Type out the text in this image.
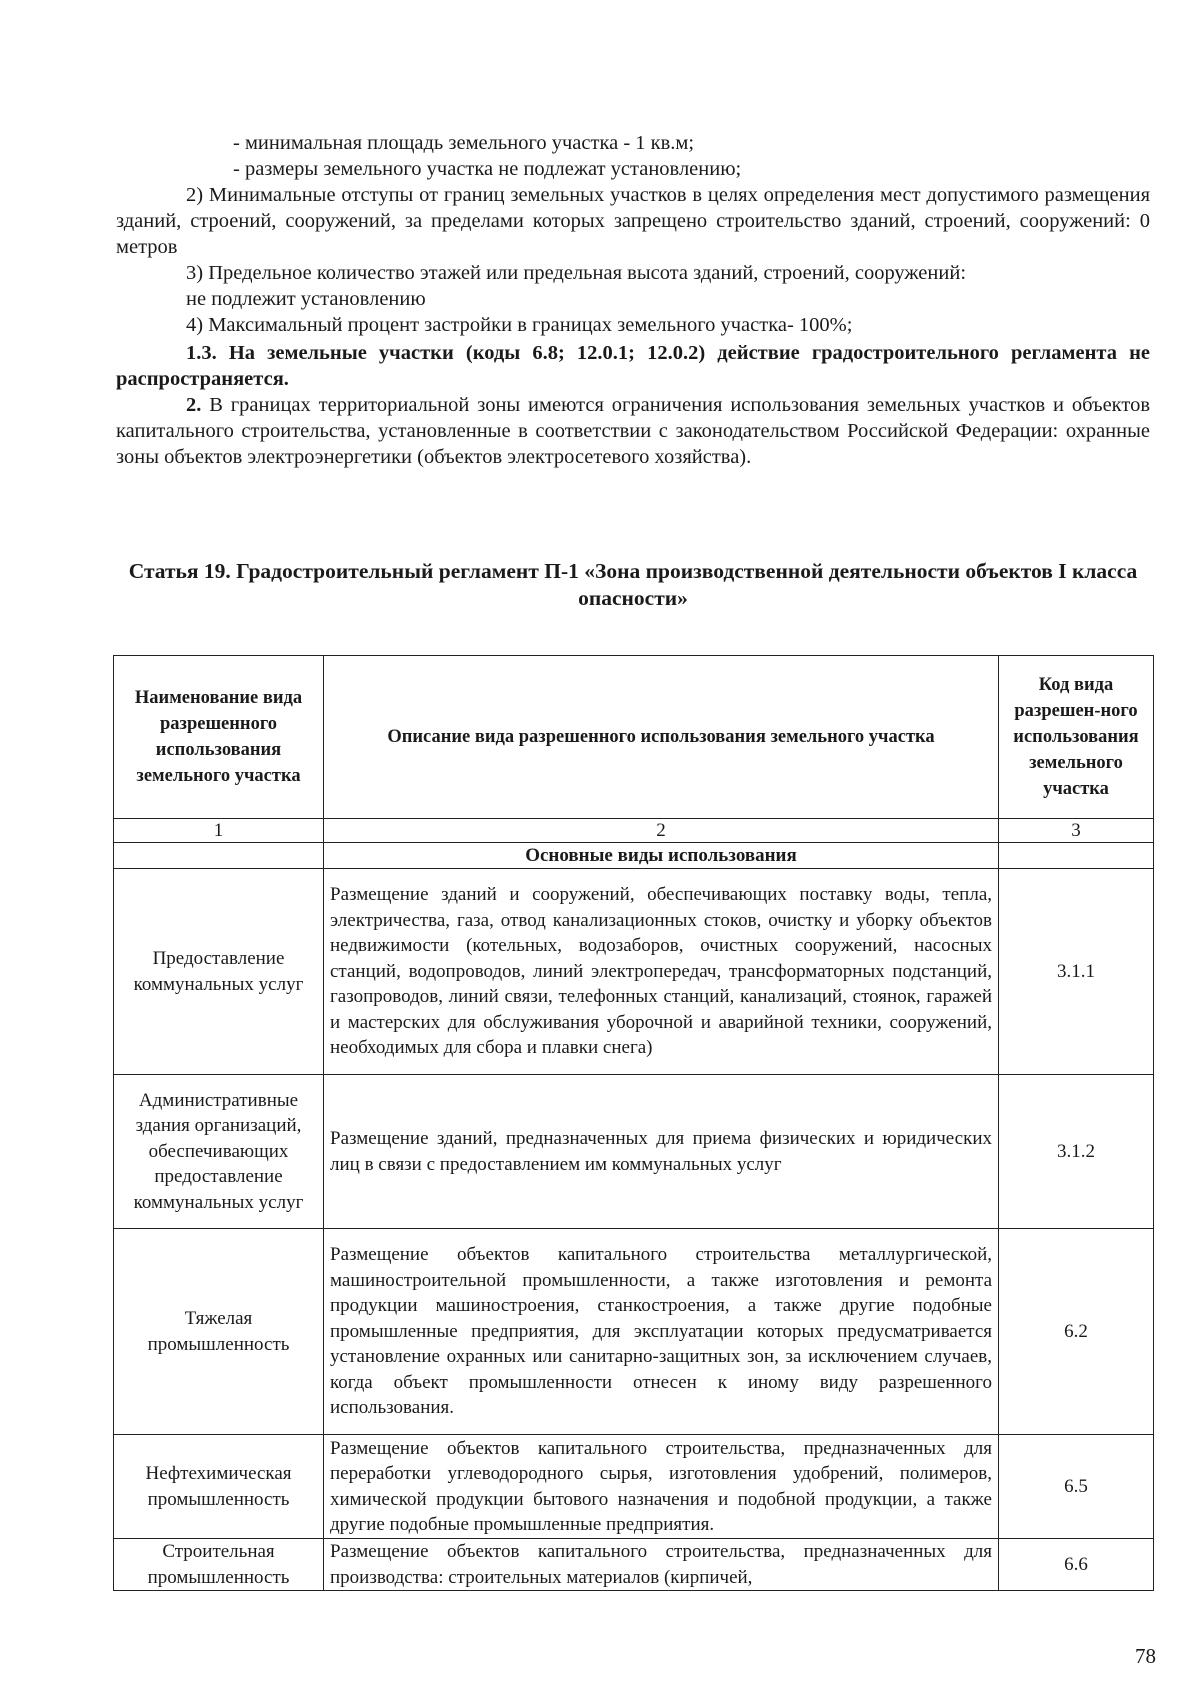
- минимальная площадь земельного участка - 1 кв.м;

- размеры земельного участка не подлежат установлению;

2) Минимальные отступы от границ земельных участков в целях определения мест допустимого размещения зданий, строений, сооружений, за пределами которых запрещено строительство зданий, строений, сооружений: 0 метров

3) Предельное количество этажей или предельная высота зданий, строений, сооружений:

не подлежит установлению

4) Максимальный процент застройки в границах земельного участка- 100%;

1.3. На земельные участки (коды 6.8; 12.0.1; 12.0.2) действие градостроительного регламента не распространяется.

2. В границах территориальной зоны имеются ограничения использования земельных участков и объектов капитального строительства, установленные в соответствии с законодательством Российской Федерации: охранные зоны объектов электроэнергетики (объектов электросетевого хозяйства).

Статья 19. Градостроительный регламент П-1 «Зона производственной деятельности объектов I класса опасности»

Наименование вида разрешенного использования земельного участка	Описание вида разрешенного использования земельного участка	Код вида разрешен-ного использования земельного участка
1	2	3
	Основные виды использования	
Предоставление коммунальных услуг	Размещение зданий и сооружений, обеспечивающих поставку воды, тепла, электричества, газа, отвод канализационных стоков, очистку и уборку объектов недвижимости (котельных, водозаборов, очистных сооружений, насосных станций, водопроводов, линий электропередач, трансформаторных подстанций, газопроводов, линий связи, телефонных станций, канализаций, стоянок, гаражей и мастерских для обслуживания уборочной и аварийной техники, сооружений, необходимых для сбора и плавки снега)	3.1.1
Административные здания организаций, обеспечивающих предоставление коммунальных услуг	Размещение зданий, предназначенных для приема физических и юридических лиц в связи с предоставлением им коммунальных услуг	3.1.2
Тяжелая промышленность	Размещение объектов капитального строительства металлургической, машиностроительной промышленности, а также изготовления и ремонта продукции машиностроения, станкостроения, а также другие подобные промышленные предприятия, для эксплуатации которых предусматривается установление охранных или санитарно-защитных зон, за исключением случаев, когда объект промышленности отнесен к иному виду разрешенного использования.	6.2
Нефтехимическая промышленность	Размещение объектов капитального строительства, предназначенных для переработки углеводородного сырья, изготовления удобрений, полимеров, химической продукции бытового назначения и подобной продукции, а также другие подобные промышленные предприятия.	6.5
Строительная промышленность	Размещение объектов капитального строительства, предназначенных для производства: строительных материалов (кирпичей,	6.6
78
